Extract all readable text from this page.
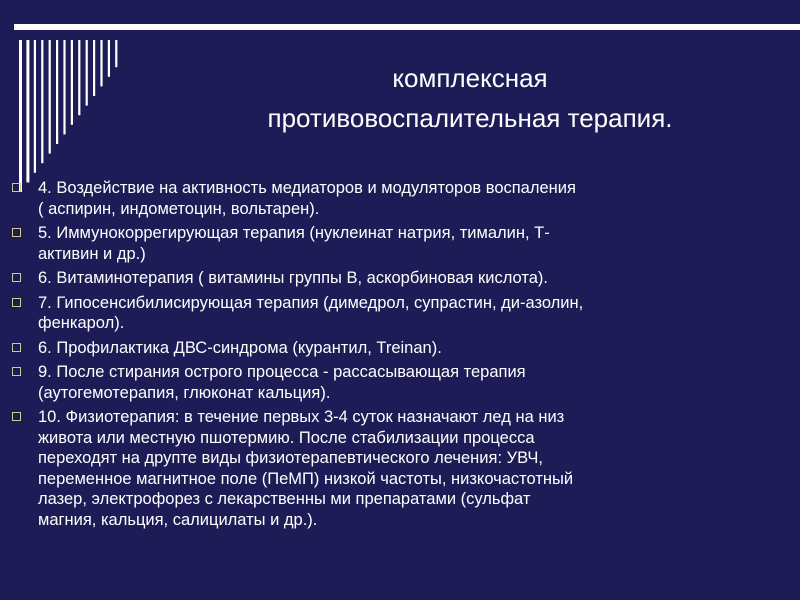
комплексная
противовоспалительная терапия.
4. Воздействие на активность медиаторов и модуляторов воспаления
( аспирин, индометоцин, вольтарен).
5. Иммунокоррегирующая терапия (нуклеинат натрия, тималин, Т-
активин и др.)
6. Витаминотерапия ( витамины группы В, аскорбиновая кислота).
7. Гипосенсибилисирующая терапия (димедрол, супрастин, ди-азолин,
фенкарол).
6. Профилактика ДВС-синдрома (курантил, Treinan).
9. После стирания острого процесса - рассасывающая терапия
(аутогемотерапия, глюконат кальция).
10. Физиотерапия: в течение первых 3-4 суток назначают лед на низ
живота или местную пшотермию. После стабилизации процесса
переходят на друпте виды физиотерапевтического лечения: УВЧ,
переменное магнитное поле (ПеМП) низкой частоты, низкочастотный
лазер, электрофорез с лекарственны ми препаратами (сульфат
магния, кальция, салицилаты и др.).
